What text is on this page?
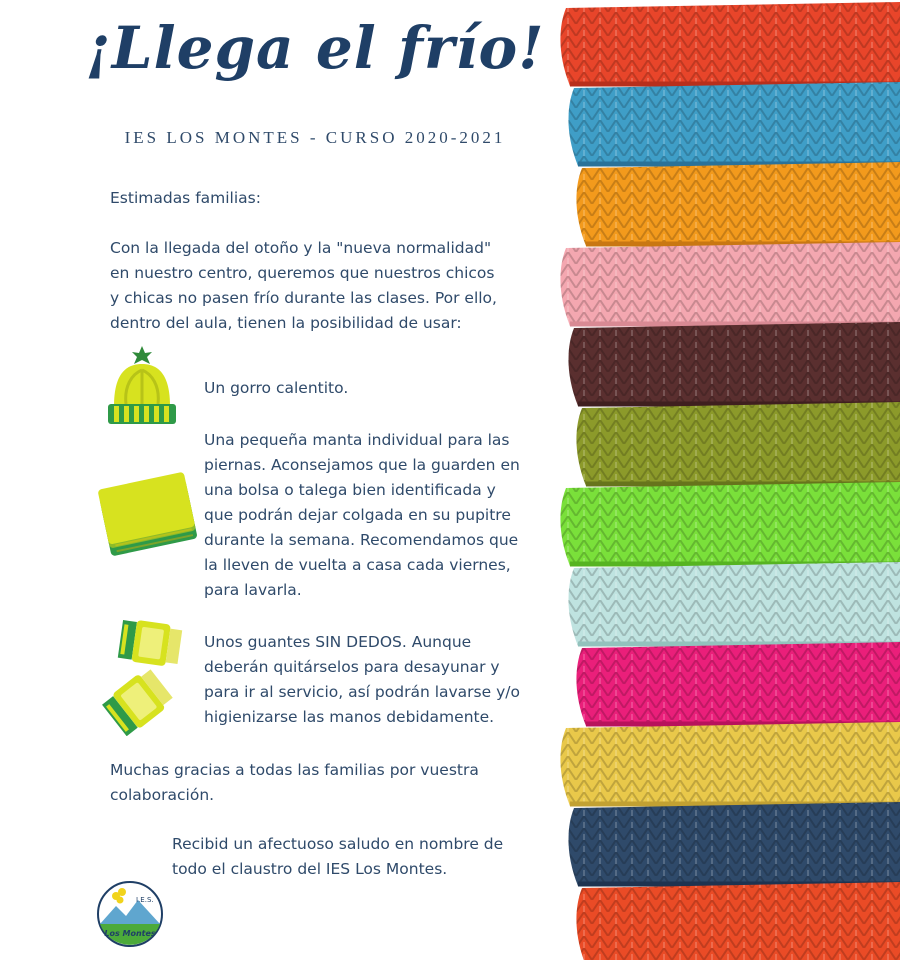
¡Llega el frío!
IES LOS MONTES - CURSO 2020-2021
Estimadas familias:
Con la llegada del otoño y la "nueva normalidad"
en nuestro centro, queremos que nuestros chicos
y chicas no pasen frío durante las clases. Por ello,
dentro del aula, tienen la posibilidad de usar:
Un gorro calentito.
Una pequeña manta individual para las
piernas. Aconsejamos que la guarden en
una bolsa o talega bien identificada y
que podrán dejar colgada en su pupitre
durante la semana. Recomendamos que
la lleven de vuelta a casa cada viernes,
para lavarla.
Unos guantes SIN DEDOS. Aunque
deberán quitárselos para desayunar y
para ir al servicio, así podrán lavarse y/o
higienizarse las manos debidamente.
Muchas gracias a todas las familias por vuestra
colaboración.
Recibid un afectuoso saludo en nombre de
todo el claustro del IES Los Montes.
I.E.S.
Los Montes
